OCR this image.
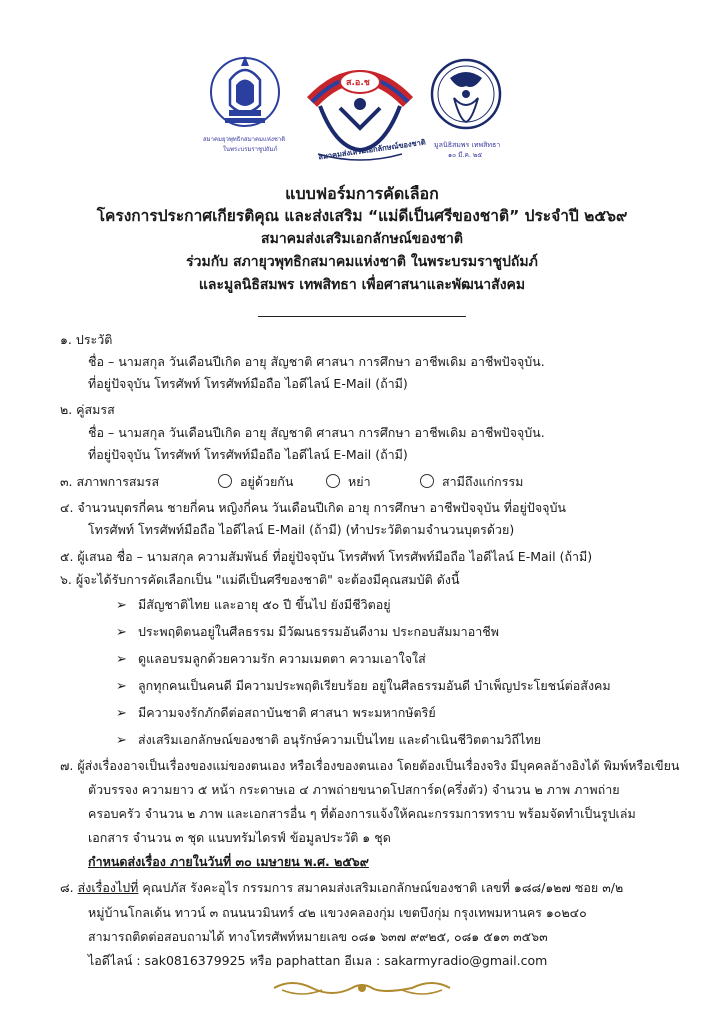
สมาคมยุวพุทธิกสมาคมแห่งชาติ
ในพระบรมราชูปถัมภ์
ส.อ.ช
สมาคมส่งเสริมเอกลักษณ์ของชาติ มูลนิธิสมพร เทพสิทธา
๑๐ มี.ค. ๒๕
แบบฟอร์มการคัดเลือก
โครงการประกาศเกียรติคุณ และส่งเสริม “แม่ดีเป็นศรีของชาติ” ประจำปี ๒๕๖๙
สมาคมส่งเสริมเอกลักษณ์ของชาติ
ร่วมกับ สภายุวพุทธิกสมาคมแห่งชาติ ในพระบรมราชูปถัมภ์
และมูลนิธิสมพร เทพสิทธา เพื่อศาสนาและพัฒนาสังคม
๑. ประวัติ
ชื่อ – นามสกุล วันเดือนปีเกิด อายุ สัญชาติ ศาสนา การศึกษา อาชีพเดิม อาชีพปัจจุบัน.
ที่อยู่ปัจจุบัน โทรศัพท์ โทรศัพท์มือถือ ไอดีไลน์ E-Mail (ถ้ามี)
๒. คู่สมรส
ชื่อ – นามสกุล วันเดือนปีเกิด อายุ สัญชาติ ศาสนา การศึกษา อาชีพเดิม อาชีพปัจจุบัน.
ที่อยู่ปัจจุบัน โทรศัพท์ โทรศัพท์มือถือ ไอดีไลน์ E-Mail (ถ้ามี)
๓. สภาพการสมรส	อยู่ด้วยกัน	หย่า	สามีถึงแก่กรรม
๔. จำนวนบุตรกี่คน ชายกี่คน หญิงกี่คน วันเดือนปีเกิด อายุ การศึกษา อาชีพปัจจุบัน ที่อยู่ปัจจุบัน
โทรศัพท์ โทรศัพท์มือถือ ไอดีไลน์ E-Mail (ถ้ามี) (ทำประวัติตามจำนวนบุตรด้วย)
๕. ผู้เสนอ ชื่อ – นามสกุล ความสัมพันธ์ ที่อยู่ปัจจุบัน โทรศัพท์ โทรศัพท์มือถือ ไอดีไลน์ E-Mail (ถ้ามี)
๖. ผู้จะได้รับการคัดเลือกเป็น "แม่ดีเป็นศรีของชาติ" จะต้องมีคุณสมบัติ ดังนี้
➢ มีสัญชาติไทย และอายุ ๕๐ ปี ขึ้นไป ยังมีชีวิตอยู่
➢ ประพฤติตนอยู่ในศีลธรรม มีวัฒนธรรมอันดีงาม ประกอบสัมมาอาชีพ
➢ ดูแลอบรมลูกด้วยความรัก ความเมตตา ความเอาใจใส่
➢ ลูกทุกคนเป็นคนดี มีความประพฤติเรียบร้อย อยู่ในศีลธรรมอันดี บำเพ็ญประโยชน์ต่อสังคม
➢ มีความจงรักภักดีต่อสถาบันชาติ ศาสนา พระมหากษัตริย์
➢ ส่งเสริมเอกลักษณ์ของชาติ อนุรักษ์ความเป็นไทย และดำเนินชีวิตตามวิถีไทย
๗. ผู้ส่งเรื่องอาจเป็นเรื่องของแม่ของตนเอง หรือเรื่องของตนเอง โดยต้องเป็นเรื่องจริง มีบุคคลอ้างอิงได้ พิมพ์หรือเขียน
ตัวบรรจง ความยาว ๕ หน้า กระดาษเอ ๔ ภาพถ่ายขนาดโปสการ์ด(ครึ่งตัว) จำนวน ๒ ภาพ ภาพถ่าย
ครอบครัว จำนวน ๒ ภาพ และเอกสารอื่น ๆ ที่ต้องการแจ้งให้คณะกรรมการทราบ พร้อมจัดทำเป็นรูปเล่ม
เอกสาร จำนวน ๓ ชุด แนบทรัมไดรฟ์ ข้อมูลประวัติ ๑ ชุด
กำหนดส่งเรื่อง ภายในวันที่ ๓๐ เมษายน พ.ศ. ๒๕๖๙
๘. ส่งเรื่องไปที่ คุณปภัส รังคะอุไร กรรมการ สมาคมส่งเสริมเอกลักษณ์ของชาติ เลขที่ ๑๘๘/๑๒๗ ซอย ๓/๒
หมู่บ้านโกลเด้น ทาวน์ ๓ ถนนนวมินทร์ ๔๒ แขวงคลองกุ่ม เขตบึงกุ่ม กรุงเทพมหานคร ๑๐๒๔๐
สามารถติดต่อสอบถามได้ ทางโทรศัพท์หมายเลข ๐๘๑ ๖๓๗ ๙๙๒๕, ๐๘๑ ๕๑๓ ๓๕๖๓
ไอดีไลน์ : sak0816379925 หรือ paphattan อีเมล : sakarmyradio@gmail.com
